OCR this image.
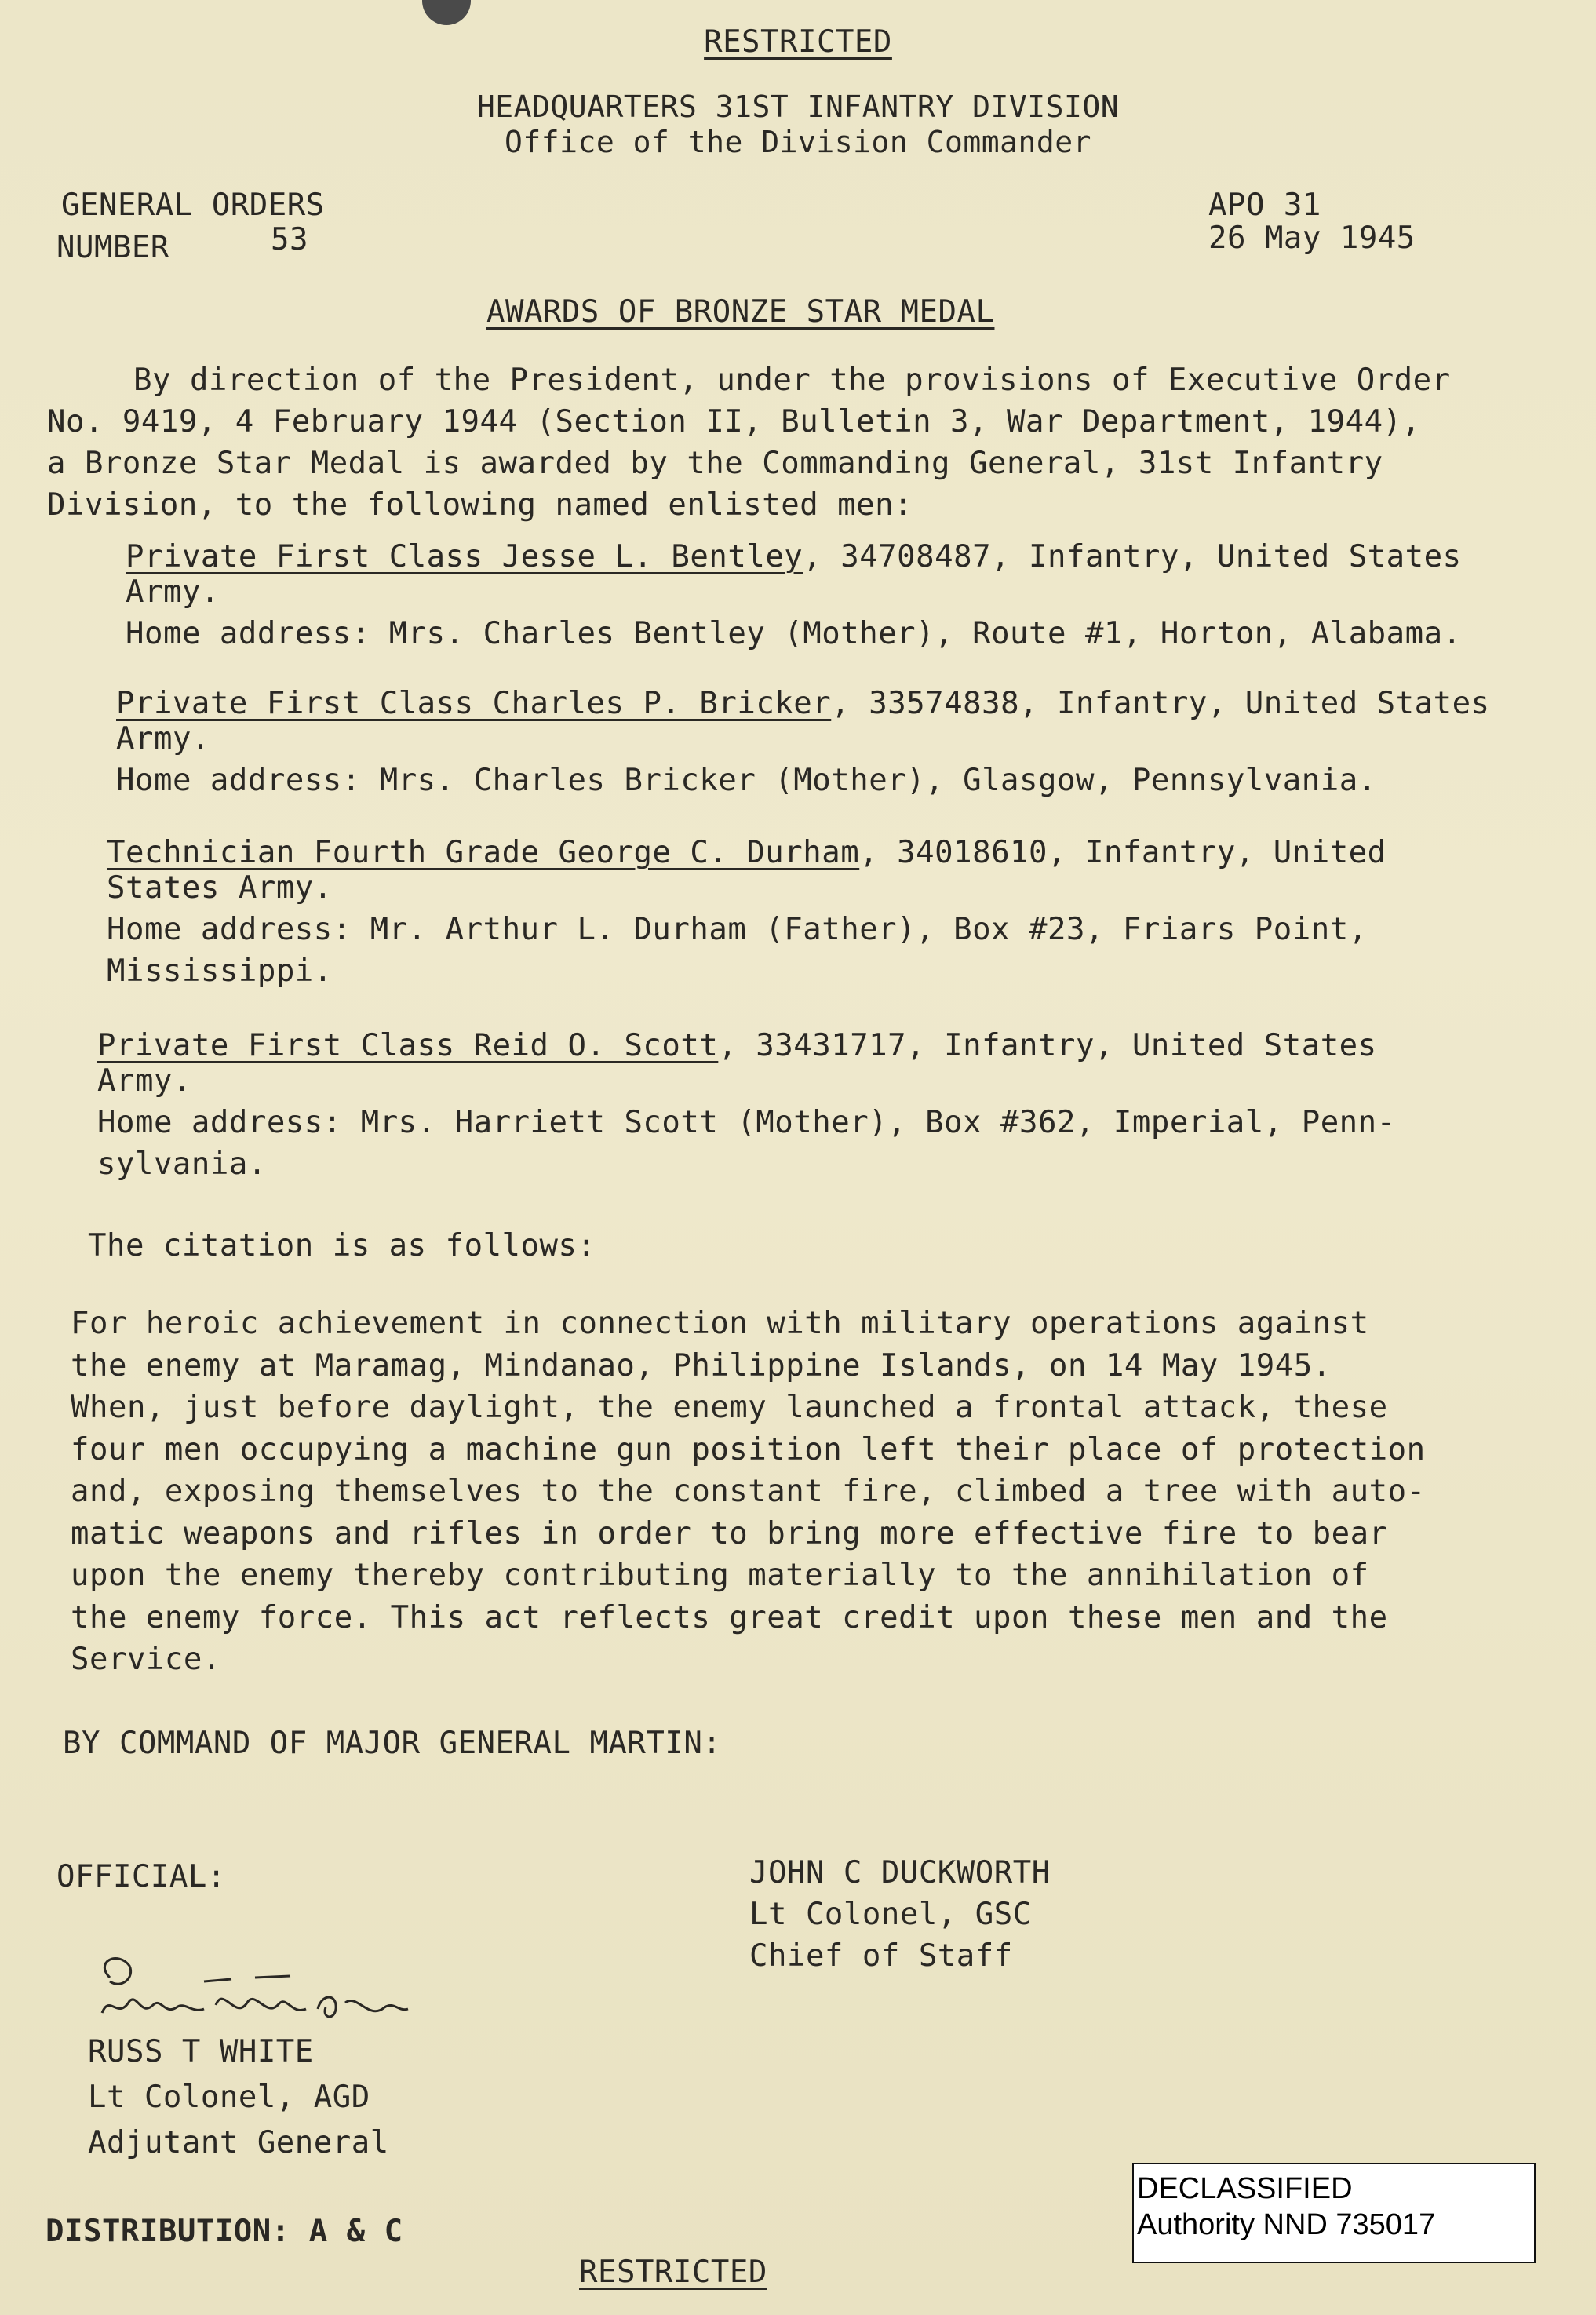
RESTRICTED
HEADQUARTERS 31ST INFANTRY DIVISION
Office of the Division Commander
GENERAL ORDERS
NUMBER	53
APO 31
26 May 1945
AWARDS OF BRONZE STAR MEDAL
By direction of the President, under the provisions of Executive Order
No. 9419, 4 February 1944 (Section II, Bulletin 3, War Department, 1944),
a Bronze Star Medal is awarded by the Commanding General, 31st Infantry
Division, to the following named enlisted men:
Private First Class Jesse L. Bentley, 34708487, Infantry, United States
Army.
Home address: Mrs. Charles Bentley (Mother), Route #1, Horton, Alabama.
Private First Class Charles P. Bricker, 33574838, Infantry, United States
Army.
Home address: Mrs. Charles Bricker (Mother), Glasgow, Pennsylvania.
Technician Fourth Grade George C. Durham, 34018610, Infantry, United
States Army.
Home address: Mr. Arthur L. Durham (Father), Box #23, Friars Point,
Mississippi.
Private First Class Reid O. Scott, 33431717, Infantry, United States
Army.
Home address: Mrs. Harriett Scott (Mother), Box #362, Imperial, Penn-
sylvania.
The citation is as follows:
For heroic achievement in connection with military operations against
the enemy at Maramag, Mindanao, Philippine Islands, on 14 May 1945.
When, just before daylight, the enemy launched a frontal attack, these
four men occupying a machine gun position left their place of protection
and, exposing themselves to the constant fire, climbed a tree with auto-
matic weapons and rifles in order to bring more effective fire to bear
upon the enemy thereby contributing materially to the annihilation of
the enemy force. This act reflects great credit upon these men and the
Service.
BY COMMAND OF MAJOR GENERAL MARTIN:
OFFICIAL:	JOHN C DUCKWORTH
Lt Colonel, GSC
Chief of Staff
RUSS T WHITE
Lt Colonel, AGD
Adjutant General
DISTRIBUTION: A & C
RESTRICTED
DECLASSIFIED
Authority NND 735017
